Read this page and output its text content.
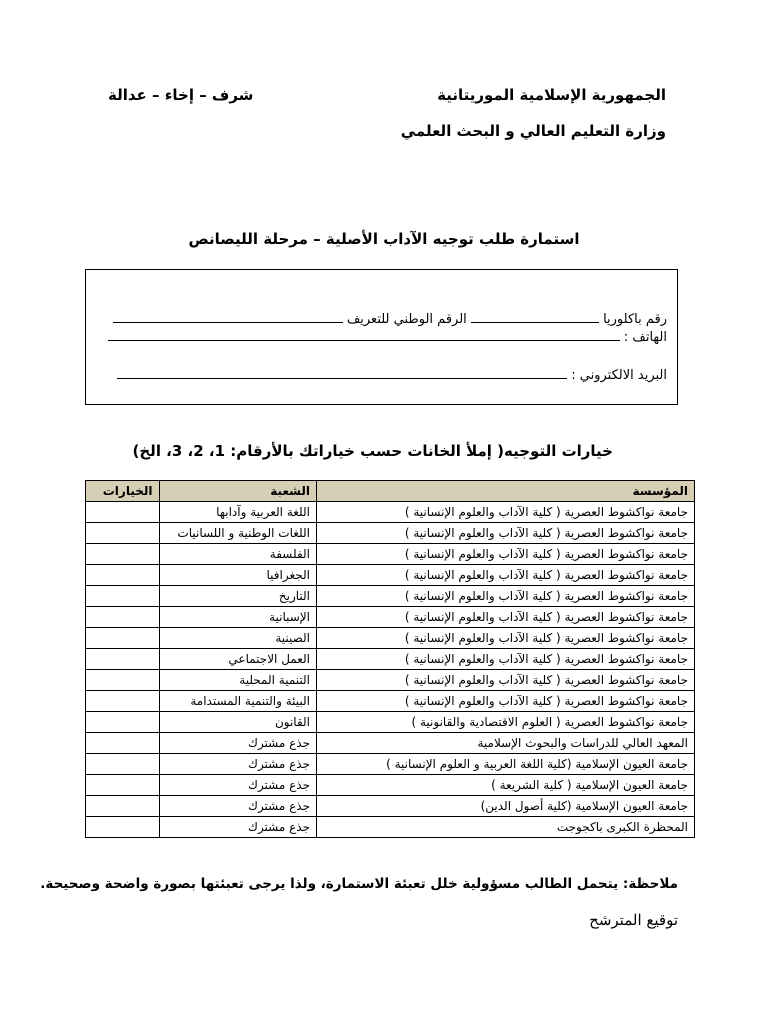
الجمهورية الإسلامية الموريتانية
شرف – إخاء – عدالة
وزارة التعليم العالي و البحث العلمي
استمارة طلب توجيه الآداب الأصلية – مرحلة الليصانص
رقم باكلوريا  الرقم الوطني للتعريف
الهاتف :
البريد الالكتروني :
خيارات التوجيه( إملأ الخانات حسب خياراتك بالأرقام: 1، 2، 3، الخ)
المؤسسة	الشعبة	الخيارات
جامعة نواكشوط العصرية ( كلية الآداب والعلوم الإنسانية )	اللغة العربية وآدابها	
جامعة نواكشوط العصرية ( كلية الآداب والعلوم الإنسانية )	اللغات الوطنية و اللسانيات	
جامعة نواكشوط العصرية ( كلية الآداب والعلوم الإنسانية )	الفلسفة	
جامعة نواكشوط العصرية ( كلية الآداب والعلوم الإنسانية )	الجغرافيا	
جامعة نواكشوط العصرية ( كلية الآداب والعلوم الإنسانية )	التاريخ	
جامعة نواكشوط العصرية ( كلية الآداب والعلوم الإنسانية )	الإسبانية	
جامعة نواكشوط العصرية ( كلية الآداب والعلوم الإنسانية )	الصينية	
جامعة نواكشوط العصرية ( كلية الآداب والعلوم الإنسانية )	العمل الاجتماعي	
جامعة نواكشوط العصرية ( كلية الآداب والعلوم الإنسانية )	التنمية المحلية	
جامعة نواكشوط العصرية ( كلية الآداب والعلوم الإنسانية )	البيئة والتنمية المستدامة	
جامعة نواكشوط العصرية ( العلوم الاقتصادية والقانونية )	القانون	
المعهد العالي للدراسات والبحوث الإسلامية	جذع مشترك	
جامعة العيون الإسلامية (كلية اللغة العربية و العلوم الإنسانية )	جذع مشترك	
جامعة العيون الإسلامية ( كلية الشريعة )	جذع مشترك	
جامعة العيون الإسلامية (كلية أصول الدين)	جذع مشترك	
المحظرة الكبرى باكجوجت	جذع مشترك	
ملاحظة: يتحمل الطالب مسؤولية خلل تعبئة الاستمارة، ولذا يرجى تعبئتها بصورة واضحة وصحيحة.
توقيع المترشح
